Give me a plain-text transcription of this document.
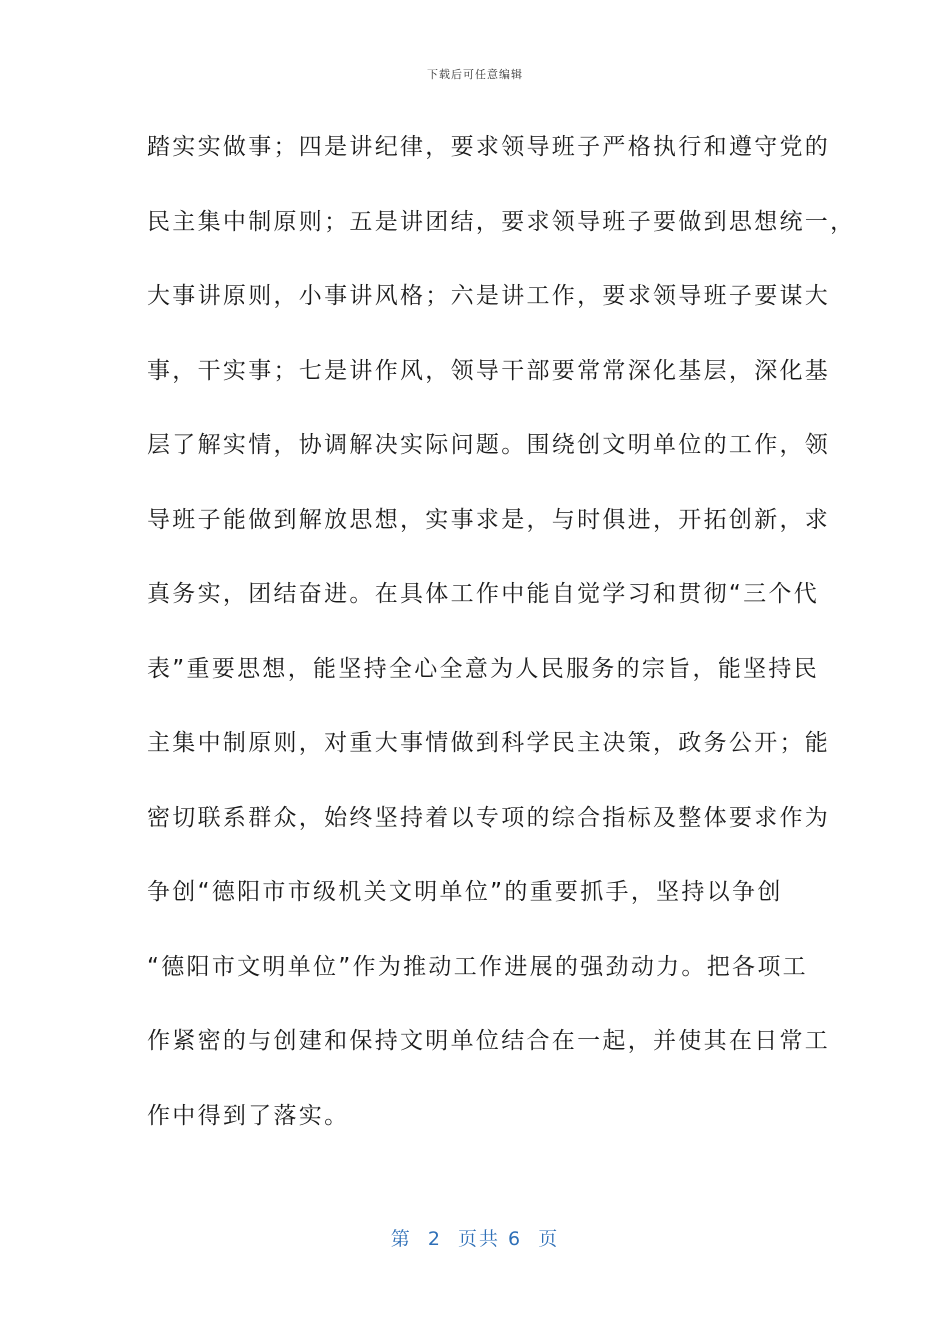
下载后可任意编辑
踏实实做事；四是讲纪律，要求领导班子严格执行和遵守党的
民主集中制原则；五是讲团结，要求领导班子要做到思想统一，
大事讲原则，小事讲风格；六是讲工作，要求领导班子要谋大
事，干实事；七是讲作风，领导干部要常常深化基层，深化基
层了解实情，协调解决实际问题。围绕创文明单位的工作，领
导班子能做到解放思想，实事求是，与时俱进，开拓创新，求
真务实，团结奋进。在具体工作中能自觉学习和贯彻“三个代
表”重要思想，能坚持全心全意为人民服务的宗旨，能坚持民
主集中制原则，对重大事情做到科学民主决策，政务公开；能
密切联系群众，始终坚持着以专项的综合指标及整体要求作为
争创“德阳市市级机关文明单位”的重要抓手，坚持以争创
“德阳市文明单位”作为推动工作进展的强劲动力。把各项工
作紧密的与创建和保持文明单位结合在一起，并使其在日常工
作中得到了落实。
第  2  页共 6  页
